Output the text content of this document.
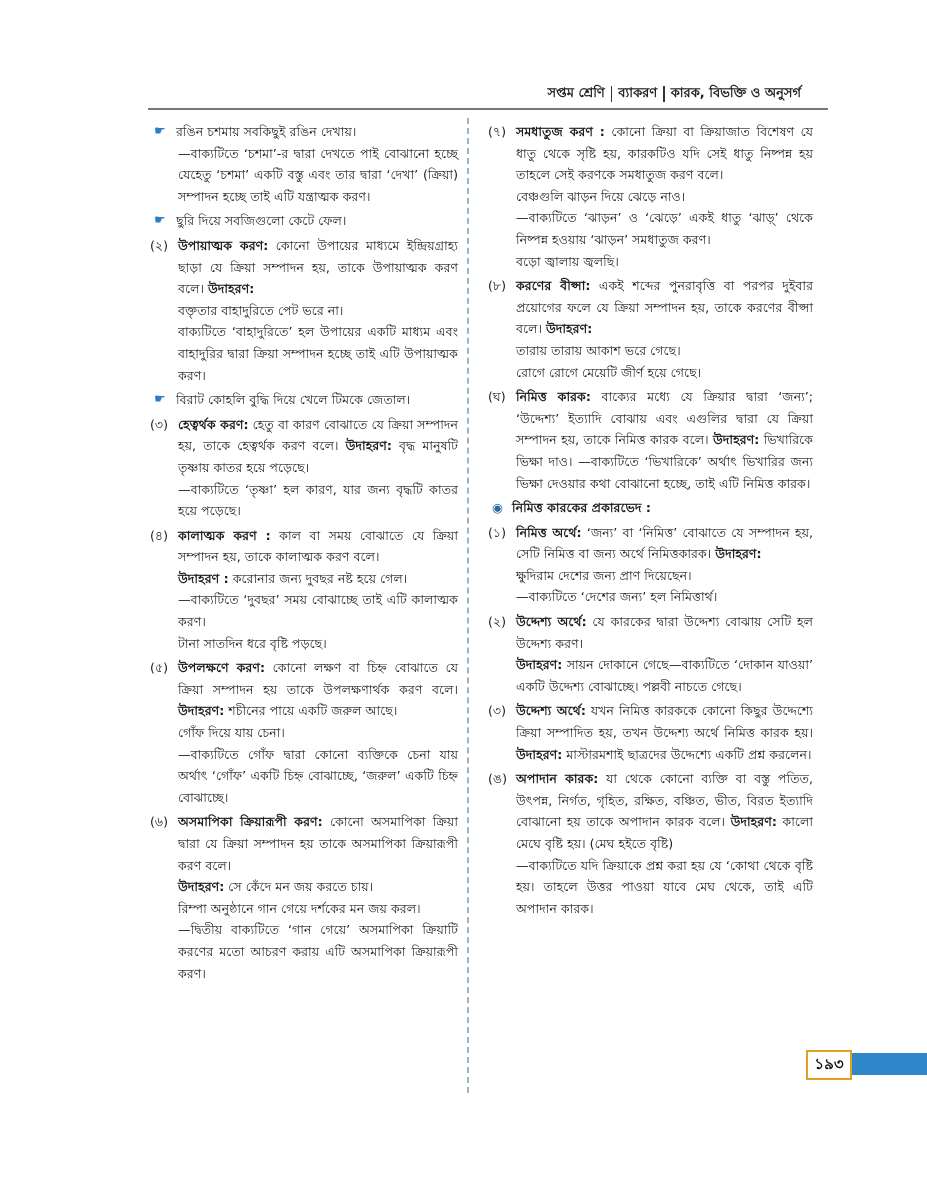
সপ্তম শ্রেণি ব্যাকরণ কারক, বিভক্তি ও অনুসর্গ
☛ রঙিন চশমায় সবকিছুই রঙিন দেখায়।
—বাক্যটিতে ‘চশমা’-র দ্বারা দেখতে পাই বোঝানো হচ্ছে যেহেতু ‘চশমা’ একটি বস্তু এবং তার দ্বারা ‘দেখা’ (ক্রিয়া) সম্পাদন হচ্ছে তাই এটি যন্ত্রাত্মক করণ।
☛ ছুরি দিয়ে সবজিগুলো কেটে ফেল।
(২) উপায়াত্মক করণ: কোনো উপায়ের মাধ্যমে ইন্দ্রিয়গ্রাহ্য ছাড়া যে ক্রিয়া সম্পাদন হয়, তাকে উপায়াত্মক করণ বলে। উদাহরণ:
বক্তৃতার বাহাদুরিতে পেট ভরে না।
বাক্যটিতে ‘বাহাদুরিতে’ হল উপায়ের একটি মাধ্যম এবং বাহাদুরির দ্বারা ক্রিয়া সম্পাদন হচ্ছে তাই এটি উপায়াত্মক করণ।
☛ বিরাট কোহলি বুদ্ধি দিয়ে খেলে টিমকে জেতাল।
(৩) হেত্বর্থক করণ: হেতু বা কারণ বোঝাতে যে ক্রিয়া সম্পাদন হয়, তাকে হেত্বর্থক করণ বলে। উদাহরণ: বৃদ্ধ মানুষটি তৃষ্ণায় কাতর হয়ে পড়েছে।
—বাক্যটিতে ‘তৃষ্ণা’ হল কারণ, যার জন্য বৃদ্ধটি কাতর হয়ে পড়েছে।
(৪) কালাত্মক করণ : কাল বা সময় বোঝাতে যে ক্রিয়া সম্পাদন হয়, তাকে কালাত্মক করণ বলে।
উদাহরণ : করোনার জন্য দুবছর নষ্ট হয়ে গেল।
—বাক্যটিতে ‘দুবছর’ সময় বোঝাচ্ছে তাই এটি কালাত্মক করণ।
টানা সাতদিন ধরে বৃষ্টি পড়ছে।
(৫) উপলক্ষণে করণ: কোনো লক্ষণ বা চিহ্ন বোঝাতে যে ক্রিয়া সম্পাদন হয় তাকে উপলক্ষণার্থক করণ বলে। উদাহরণ: শচীনের পায়ে একটি জরুল আছে।
গোঁফ দিয়ে যায় চেনা।
—বাক্যটিতে গোঁফ দ্বারা কোনো ব্যক্তিকে চেনা যায় অর্থাৎ ‘গোঁফ’ একটি চিহ্ন বোঝাচ্ছে, ‘জরুল’ একটি চিহ্ন বোঝাচ্ছে।
(৬) অসমাপিকা ক্রিয়ারূপী করণ: কোনো অসমাপিকা ক্রিয়া দ্বারা যে ক্রিয়া সম্পাদন হয় তাকে অসমাপিকা ক্রিয়ারূপী করণ বলে।
উদাহরণ: সে কেঁদে মন জয় করতে চায়।
রিম্পা অনুষ্ঠানে গান গেয়ে দর্শকের মন জয় করল।
—দ্বিতীয় বাক্যটিতে ‘গান গেয়ে’ অসমাপিকা ক্রিয়াটি করণের মতো আচরণ করায় এটি অসমাপিকা ক্রিয়ারূপী করণ।
(৭) সমধাতুজ করণ : কোনো ক্রিয়া বা ক্রিয়াজাত বিশেষণ যে ধাতু থেকে সৃষ্টি হয়, কারকটিও যদি সেই ধাতু নিষ্পন্ন হয় তাহলে সেই করণকে সমধাতুজ করণ বলে।
বেঞ্চগুলি ঝাড়ন দিয়ে ঝেড়ে নাও।
—বাক্যটিতে ‘ঝাড়ন’ ও ‘ঝেড়ে’ একই ধাতু ‘ঝাড়্’ থেকে নিষ্পন্ন হওয়ায় ‘ঝাড়ন’ সমধাতুজ করণ।
বড়ো জ্বালায় জ্বলছি।
(৮) করণের বীপ্সা: একই শব্দের পুনরাবৃত্তি বা পরপর দুইবার প্রয়োগের ফলে যে ক্রিয়া সম্পাদন হয়, তাকে করণের বীপ্সা বলে। উদাহরণ:
তারায় তারায় আকাশ ভরে গেছে।
রোগে রোগে মেয়েটি জীর্ণ হয়ে গেছে।
(ঘ) নিমিত্ত কারক: বাক্যের মধ্যে যে ক্রিয়ার দ্বারা ‘জন্য’; ‘উদ্দেশ্য’ ইত্যাদি বোঝায় এবং এগুলির দ্বারা যে ক্রিয়া সম্পাদন হয়, তাকে নিমিত্ত কারক বলে। উদাহরণ: ভিখারিকে ভিক্ষা দাও। —বাক্যটিতে ‘ভিখারিকে’ অর্থাৎ ভিখারির জন্য ভিক্ষা দেওয়ার কথা বোঝানো হচ্ছে, তাই এটি নিমিত্ত কারক।
◉ নিমিত্ত কারকের প্রকারভেদ :
(১) নিমিত্ত অর্থে: ‘জন্য’ বা ‘নিমিত্ত’ বোঝাতে যে সম্পাদন হয়, সেটি নিমিত্ত বা জন্য অর্থে নিমিত্তকারক। উদাহরণ:
ক্ষুদিরাম দেশের জন্য প্রাণ দিয়েছেন।
—বাক্যটিতে ‘দেশের জন্য’ হল নিমিত্তার্থ।
(২) উদ্দেশ্য অর্থে: যে কারকের দ্বারা উদ্দেশ্য বোঝায় সেটি হল উদ্দেশ্য করণ।
উদাহরণ: সায়ন দোকানে গেছে—বাক্যটিতে ‘দোকান যাওয়া’ একটি উদ্দেশ্য বোঝাচ্ছে। পল্লবী নাচতে গেছে।
(৩) উদ্দেশ্য অর্থে: যখন নিমিত্ত কারককে কোনো কিছুর উদ্দেশ্যে ক্রিয়া সম্পাদিত হয়, তখন উদ্দেশ্য অর্থে নিমিত্ত কারক হয়। উদাহরণ: মাস্টারমশাই ছাত্রদের উদ্দেশ্যে একটি প্রশ্ন করলেন।
(ঙ) অপাদান কারক: যা থেকে কোনো ব্যক্তি বা বস্তু পতিত, উৎপন্ন, নির্গত, গৃহিত, রক্ষিত, বঞ্চিত, ভীত, বিরত ইত্যাদি বোঝানো হয় তাকে অপাদান কারক বলে। উদাহরণ: কালো মেঘে বৃষ্টি হয়। (মেঘ হইতে বৃষ্টি)
—বাক্যটিতে যদি ক্রিয়াকে প্রশ্ন করা হয় যে ‘কোথা থেকে বৃষ্টি হয়। তাহলে উত্তর পাওয়া যাবে মেঘ থেকে, তাই এটি অপাদান কারক।
১৯৩
